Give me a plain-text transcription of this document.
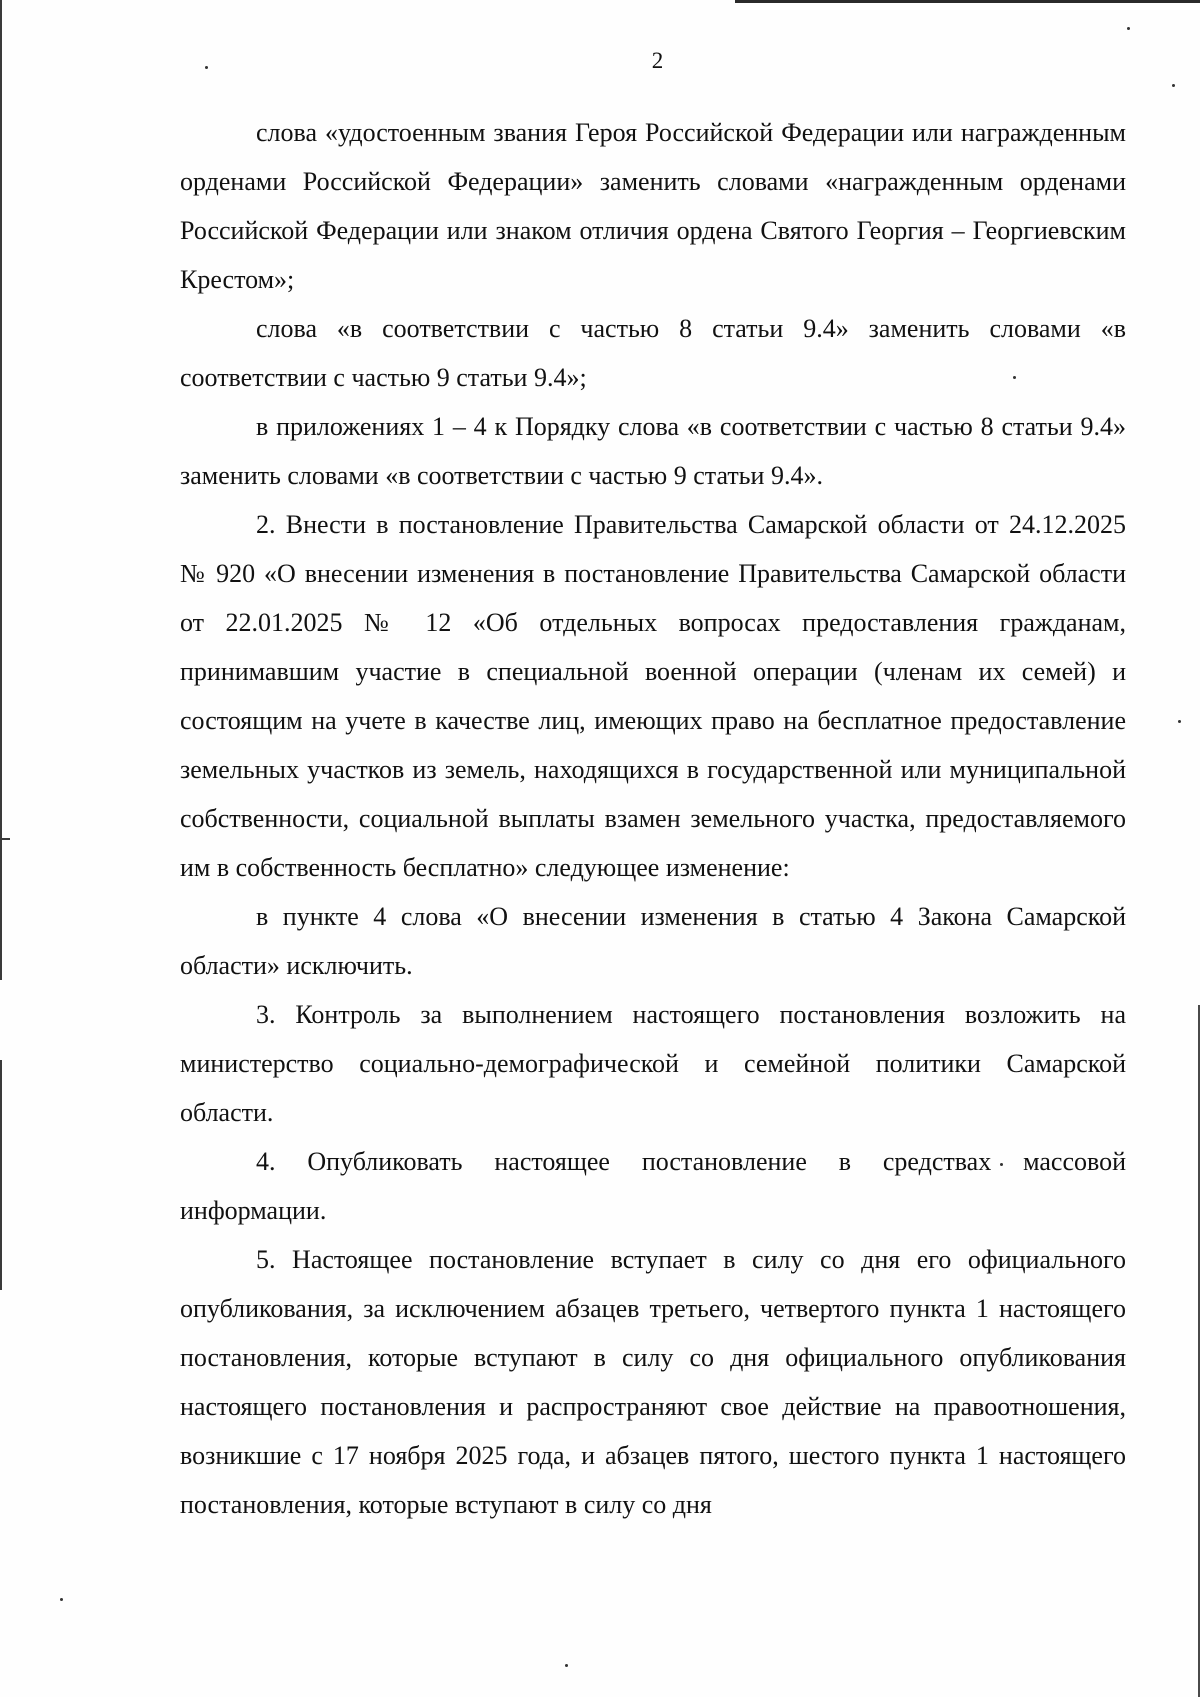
2

слова «удостоенным звания Героя Российской Федерации или награжденным орденами Российской Федерации» заменить словами «награжденным орденами Российской Федерации или знаком отличия ордена Святого Георгия – Георгиевским Крестом»;

слова «в соответствии с частью 8 статьи 9.4» заменить словами «в соответствии с частью 9 статьи 9.4»;

в приложениях 1 – 4 к Порядку слова «в соответствии с частью 8 статьи 9.4» заменить словами «в соответствии с частью 9 статьи 9.4».

2. Внести в постановление Правительства Самарской области от 24.12.2025 № 920 «О внесении изменения в постановление Правительства Самарской области от 22.01.2025 № 12 «Об отдельных вопросах предоставления гражданам, принимавшим участие в специальной военной операции (членам их семей) и состоящим на учете в качестве лиц, имеющих право на бесплатное предоставление земельных участков из земель, находящихся в государственной или муниципальной собственности, социальной выплаты взамен земельного участка, предоставляемого им в собственность бесплатно» следующее изменение:

в пункте 4 слова «О внесении изменения в статью 4 Закона Самарской области» исключить.

3. Контроль за выполнением настоящего постановления возложить на министерство социально-демографической и семейной политики Самарской области.

4. Опубликовать настоящее постановление в средствах массовой информации.

5. Настоящее постановление вступает в силу со дня его официального опубликования, за исключением абзацев третьего, четвертого пункта 1 настоящего постановления, которые вступают в силу со дня официального опубликования настоящего постановления и распространяют свое действие на правоотношения, возникшие с 17 ноября 2025 года, и абзацев пятого, шестого пункта 1 настоящего постановления, которые вступают в силу со дня
